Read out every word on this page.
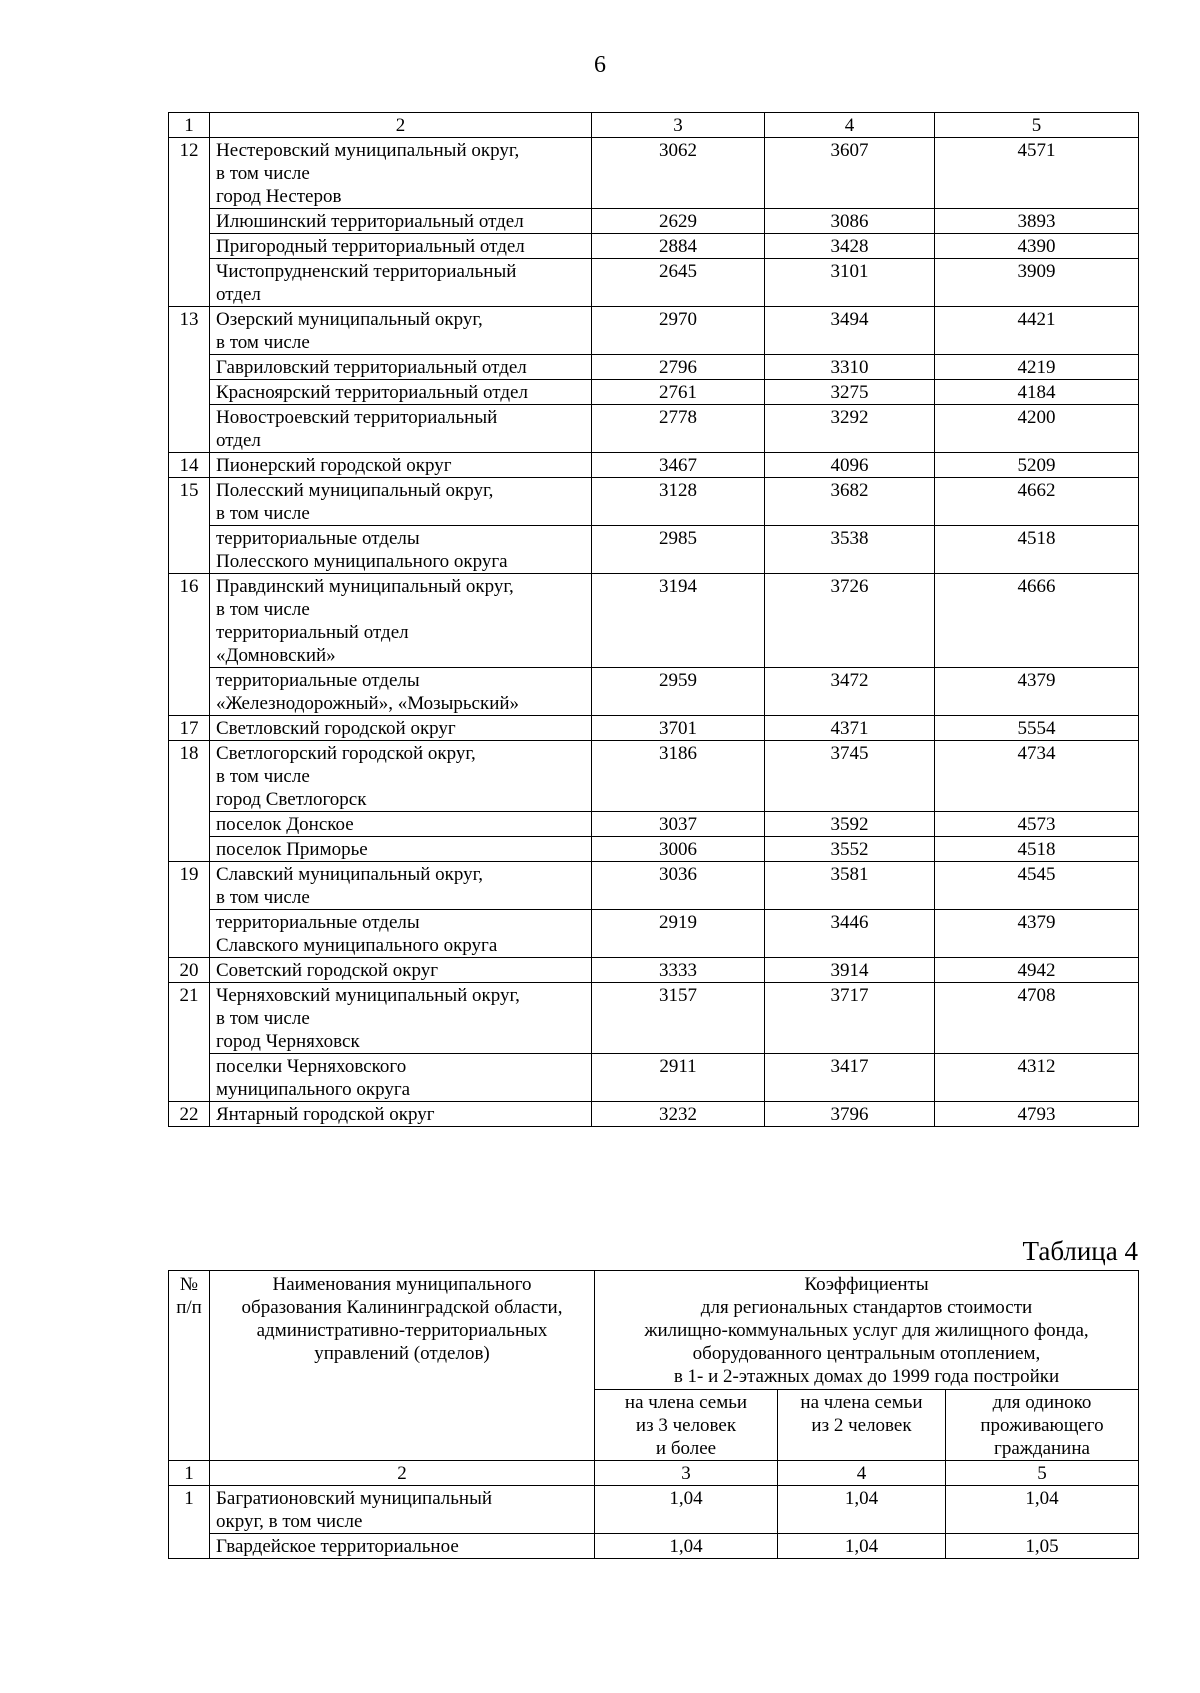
6
1	2	3	4	5
12	Нестеровский муниципальный округ,
в том числе
город Нестеров	3062	3607	4571
	Илюшинский территориальный отдел	2629	3086	3893
	Пригородный территориальный отдел	2884	3428	4390
	Чистопрудненский территориальный
отдел	2645	3101	3909
13	Озерский муниципальный округ,
в том числе	2970	3494	4421
	Гавриловский территориальный отдел	2796	3310	4219
	Красноярский территориальный отдел	2761	3275	4184
	Новостроевский территориальный
отдел	2778	3292	4200
14	Пионерский городской округ	3467	4096	5209
15	Полесский муниципальный округ,
в том числе	3128	3682	4662
	территориальные отделы
Полесского муниципального округа	2985	3538	4518
16	Правдинский муниципальный округ,
в том числе
территориальный отдел
«Домновский»	3194	3726	4666
	территориальные отделы
«Железнодорожный», «Мозырьский»	2959	3472	4379
17	Светловский городской округ	3701	4371	5554
18	Светлогорский городской округ,
в том числе
город Светлогорск	3186	3745	4734
	поселок Донское	3037	3592	4573
	поселок Приморье	3006	3552	4518
19	Славский муниципальный округ,
в том числе	3036	3581	4545
	территориальные отделы
Славского муниципального округа	2919	3446	4379
20	Советский городской округ	3333	3914	4942
21	Черняховский муниципальный округ,
в том числе
город Черняховск	3157	3717	4708
	поселки Черняховского
муниципального округа	2911	3417	4312
22	Янтарный городской округ	3232	3796	4793
Таблица 4
№
п/п	Наименования муниципального
образования Калининградской области,
административно-территориальных
управлений (отделов)	Коэффициенты
для региональных стандартов стоимости
жилищно-коммунальных услуг для жилищного фонда,
оборудованного центральным отоплением,
в 1- и 2-этажных домах до 1999 года постройки		
		на члена семьи
из 3 человек
и более	на члена семьи
из 2 человек	для одиноко
проживающего
гражданина
1	2	3	4	5
1	Багратионовский муниципальный
округ, в том числе	1,04	1,04	1,04
	Гвардейское территориальное	1,04	1,04	1,05
